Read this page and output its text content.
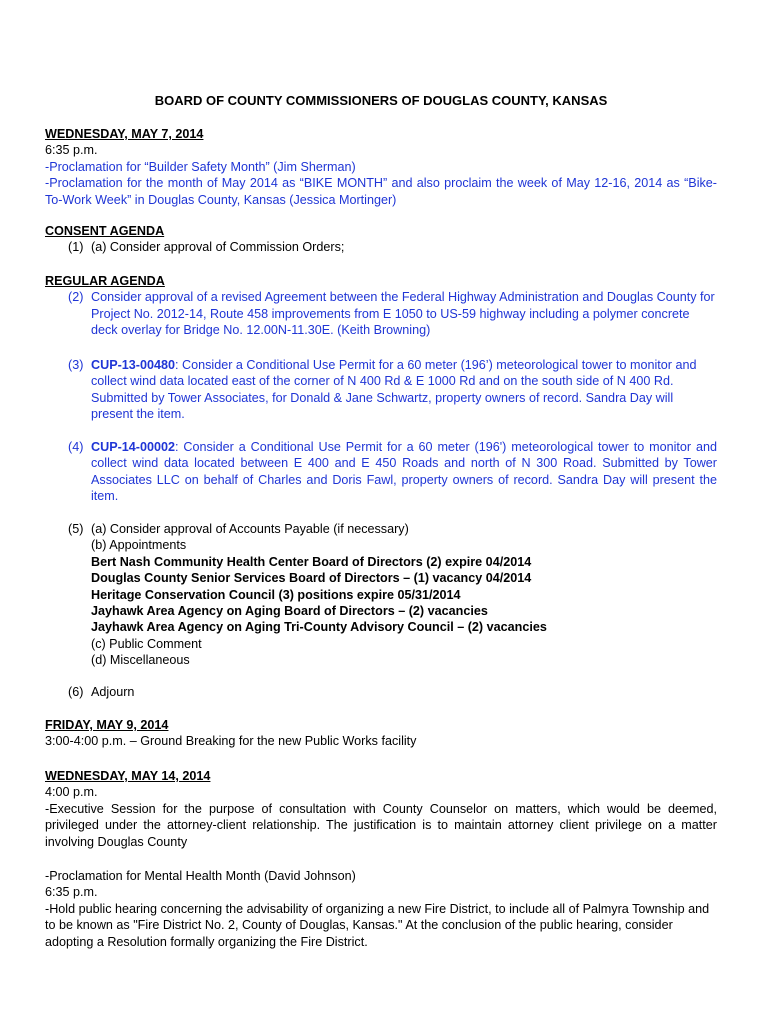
BOARD OF COUNTY COMMISSIONERS OF DOUGLAS COUNTY, KANSAS

WEDNESDAY, MAY 7, 2014

6:35 p.m.

-Proclamation for “Builder Safety Month” (Jim Sherman)

-Proclamation for the month of May 2014 as “BIKE MONTH” and also proclaim the week of May 12-16, 2014 as “Bike-To-Work Week” in Douglas County, Kansas (Jessica Mortinger)

CONSENT AGENDA

(1) (a) Consider approval of Commission Orders;

REGULAR AGENDA

(2) Consider approval of a revised Agreement between the Federal Highway Administration and Douglas County for Project No. 2012-14, Route 458 improvements from E 1050 to US-59 highway including a polymer concrete deck overlay for Bridge No. 12.00N-11.30E. (Keith Browning)
(3) CUP-13-00480: Consider a Conditional Use Permit for a 60 meter (196’) meteorological tower to monitor and collect wind data located east of the corner of N 400 Rd & E 1000 Rd and on the south side of N 400 Rd. Submitted by Tower Associates, for Donald & Jane Schwartz, property owners of record. Sandra Day will present the item.
(4) CUP-14-00002: Consider a Conditional Use Permit for a 60 meter (196') meteorological tower to monitor and collect wind data located between E 400 and E 450 Roads and north of N 300 Road. Submitted by Tower Associates LLC on behalf of Charles and Doris Fawl, property owners of record. Sandra Day will present the item.
(5) (a) Consider approval of Accounts Payable (if necessary)

(b) Appointments

Bert Nash Community Health Center Board of Directors (2) expire 04/2014

Douglas County Senior Services Board of Directors – (1) vacancy 04/2014

Heritage Conservation Council (3) positions expire 05/31/2014

Jayhawk Area Agency on Aging Board of Directors – (2) vacancies

Jayhawk Area Agency on Aging Tri-County Advisory Council – (2) vacancies

(c) Public Comment

(d) Miscellaneous

(6) Adjourn

FRIDAY, MAY 9, 2014

3:00-4:00 p.m. – Ground Breaking for the new Public Works facility

WEDNESDAY, MAY 14, 2014

4:00 p.m.

-Executive Session for the purpose of consultation with County Counselor on matters, which would be deemed, privileged under the attorney-client relationship. The justification is to maintain attorney client privilege on a matter involving Douglas County

-Proclamation for Mental Health Month (David Johnson)

6:35 p.m.

-Hold public hearing concerning the advisability of organizing a new Fire District, to include all of Palmyra Township and to be known as "Fire District No. 2, County of Douglas, Kansas." At the conclusion of the public hearing, consider adopting a Resolution formally organizing the Fire District.
